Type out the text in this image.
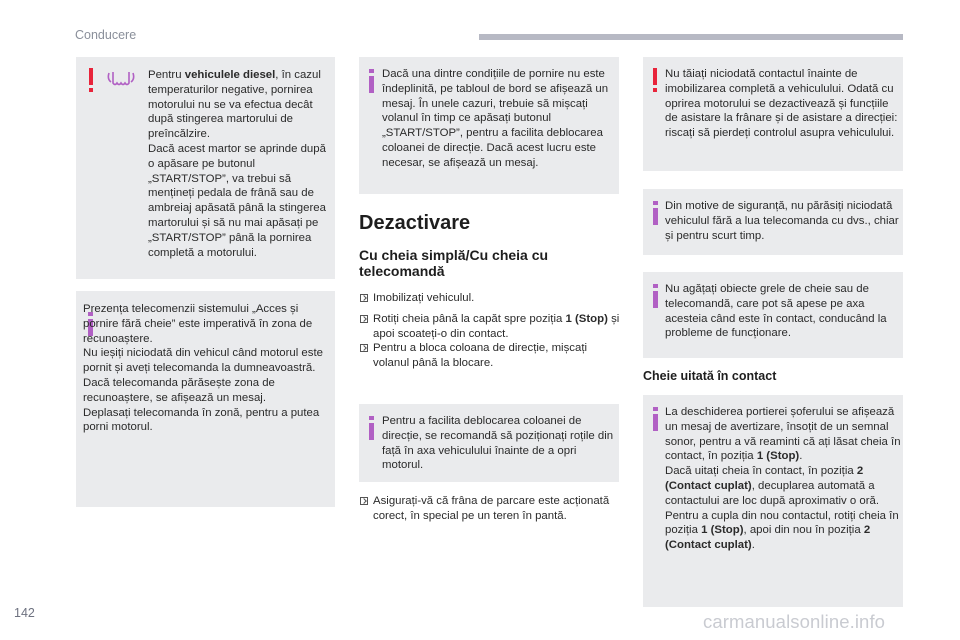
Conducere

Pentru vehiculele diesel, în cazul temperaturilor negative, pornirea motorului nu se va efectua decât după stingerea martorului de preîncălzire.

Dacă acest martor se aprinde după o apăsare pe butonul „START/STOP”, va trebui să mențineți pedala de frână sau de ambreiaj apăsată până la stingerea martorului și să nu mai apăsați pe „START/STOP” până la pornirea completă a motorului.

Prezența telecomenzii sistemului „Acces și pornire fără cheie” este imperativă în zona de recunoaștere.

Nu ieșiți niciodată din vehicul când motorul este pornit și aveți telecomanda la dumneavoastră.

Dacă telecomanda părăsește zona de recunoaștere, se afișează un mesaj.

Deplasați telecomanda în zonă, pentru a putea porni motorul.

Dacă una dintre condițiile de pornire nu este îndeplinită, pe tabloul de bord se afișează un mesaj. În unele cazuri, trebuie să mișcați volanul în timp ce apăsați butonul „START/STOP”, pentru a facilita deblocarea coloanei de direcție. Dacă acest lucru este necesar, se afișează un mesaj.

Dezactivare
Cu cheia simplă/Cu cheia cu telecomandă
Imobilizați vehiculul.
Rotiți cheia până la capăt spre poziția 1 (Stop) și apoi scoateți-o din contact.
Pentru a bloca coloana de direcție, mișcați volanul până la blocare.

Pentru a facilita deblocarea coloanei de direcție, se recomandă să poziționați roțile din față în axa vehiculului înainte de a opri motorul.

Asigurați-vă că frâna de parcare este acționată corect, în special pe un teren în pantă.

Nu tăiați niciodată contactul înainte de imobilizarea completă a vehiculului. Odată cu oprirea motorului se dezactivează și funcțiile de asistare la frânare și de asistare a direcției: riscați să pierdeți controlul asupra vehiculului.

Din motive de siguranță, nu părăsiți niciodată vehiculul fără a lua telecomanda cu dvs., chiar și pentru scurt timp.

Nu agățați obiecte grele de cheie sau de telecomandă, care pot să apese pe axa acesteia când este în contact, conducând la probleme de funcționare.

Cheie uitată în contact

La deschiderea portierei șoferului se afișează un mesaj de avertizare, însoțit de un semnal sonor, pentru a vă reaminti că ați lăsat cheia în contact, în poziția 1 (Stop).

Dacă uitați cheia în contact, în poziția 2 (Contact cuplat), decuplarea automată a contactului are loc după aproximativ o oră.

Pentru a cupla din nou contactul, rotiți cheia în poziția 1 (Stop), apoi din nou în poziția 2 (Contact cuplat).

142	carmanualsonline.info
